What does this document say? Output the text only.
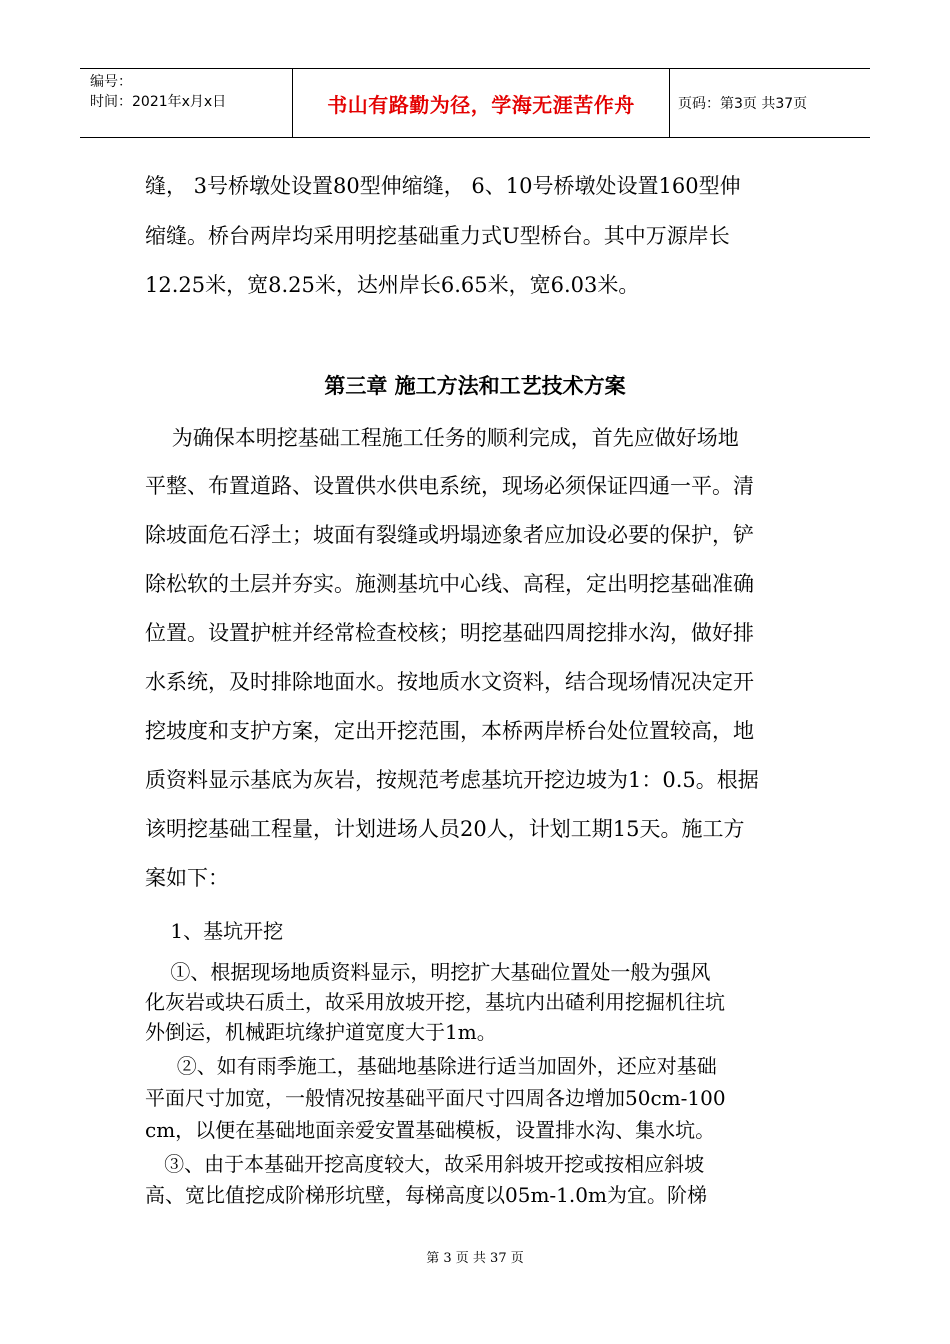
编号：
时间：2021年x月x日	书山有路勤为径，学海无涯苦作舟	页码：第3页 共37页
缝， 3号桥墩处设置80型伸缩缝， 6、10号桥墩处设置160型伸
缩缝。桥台两岸均采用明挖基础重力式U型桥台。其中万源岸长
12.25米，宽8.25米，达州岸长6.65米，宽6.03米。
第三章 施工方法和工艺技术方案
为确保本明挖基础工程施工任务的顺利完成，首先应做好场地
平整、布置道路、设置供水供电系统，现场必须保证四通一平。清
除坡面危石浮土；坡面有裂缝或坍塌迹象者应加设必要的保护，铲
除松软的土层并夯实。施测基坑中心线、高程，定出明挖基础准确
位置。设置护桩并经常检查校核；明挖基础四周挖排水沟，做好排
水系统，及时排除地面水。按地质水文资料，结合现场情况决定开
挖坡度和支护方案，定出开挖范围，本桥两岸桥台处位置较高，地
质资料显示基底为灰岩，按规范考虑基坑开挖边坡为1：0.5。根据
该明挖基础工程量，计划进场人员20人，计划工期15天。施工方
案如下：
1、基坑开挖
①、根据现场地质资料显示，明挖扩大基础位置处一般为强风
化灰岩或块石质土，故采用放坡开挖，基坑内出碴利用挖掘机往坑
外倒运，机械距坑缘护道宽度大于1m。
②、如有雨季施工，基础地基除进行适当加固外，还应对基础
平面尺寸加宽，一般情况按基础平面尺寸四周各边增加50cm-100
cm，以便在基础地面亲爱安置基础模板，设置排水沟、集水坑。
③、由于本基础开挖高度较大，故采用斜坡开挖或按相应斜坡
高、宽比值挖成阶梯形坑壁，每梯高度以05m-1.0m为宜。阶梯
第 3 页 共 37 页
